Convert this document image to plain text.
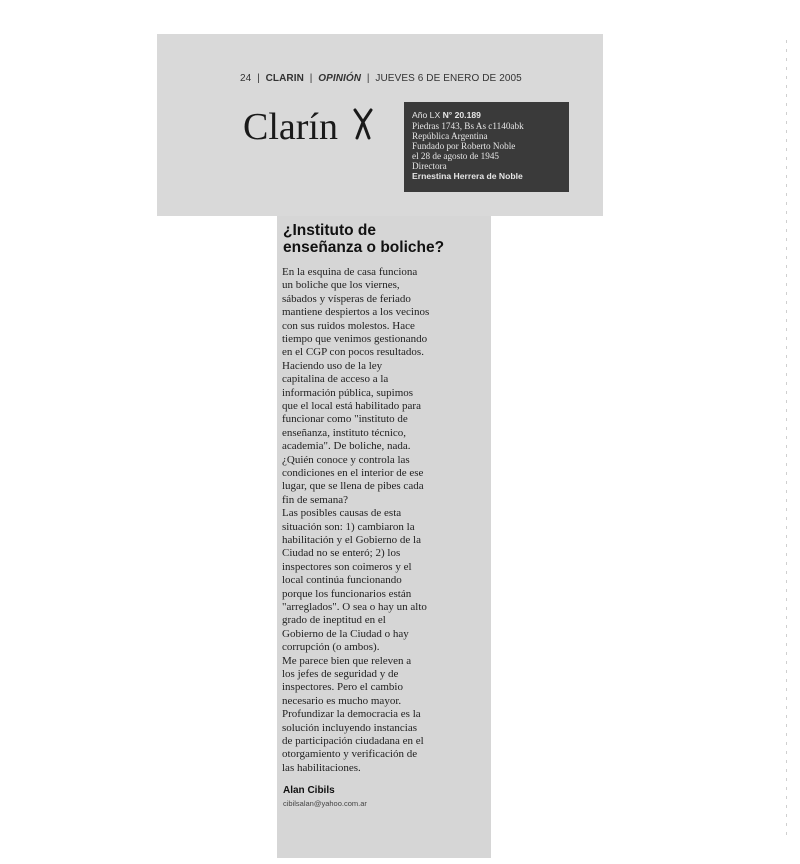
24  |  CLARIN  |  OPINIÓN  |  JUEVES 6 DE ENERO DE 2005
Clarín	Año LX N° 20.189
Piedras 1743, Bs As c1140abk
República Argentina
Fundado por Roberto Noble
el 28 de agosto de 1945
Directora
Ernestina Herrera de Noble
¿Instituto de
enseñanza o boliche?
En la esquina de casa funciona
un boliche que los viernes,
sábados y vísperas de feriado
mantiene despiertos a los vecinos
con sus ruidos molestos. Hace
tiempo que venimos gestionando
en el CGP con pocos resultados.
Haciendo uso de la ley
capitalina de acceso a la
información pública, supimos
que el local está habilitado para
funcionar como "instituto de
enseñanza, instituto técnico,
academia". De boliche, nada.
¿Quién conoce y controla las
condiciones en el interior de ese
lugar, que se llena de pibes cada
fin de semana?
Las posibles causas de esta
situación son: 1) cambiaron la
habilitación y el Gobierno de la
Ciudad no se enteró; 2) los
inspectores son coimeros y el
local continúa funcionando
porque los funcionarios están
"arreglados". O sea o hay un alto
grado de ineptitud en el
Gobierno de la Ciudad o hay
corrupción (o ambos).
Me parece bien que releven a
los jefes de seguridad y de
inspectores. Pero el cambio
necesario es mucho mayor.
Profundizar la democracia es la
solución incluyendo instancias
de participación ciudadana en el
otorgamiento y verificación de
las habilitaciones.
Alan Cibils
cibilsalan@yahoo.com.ar
